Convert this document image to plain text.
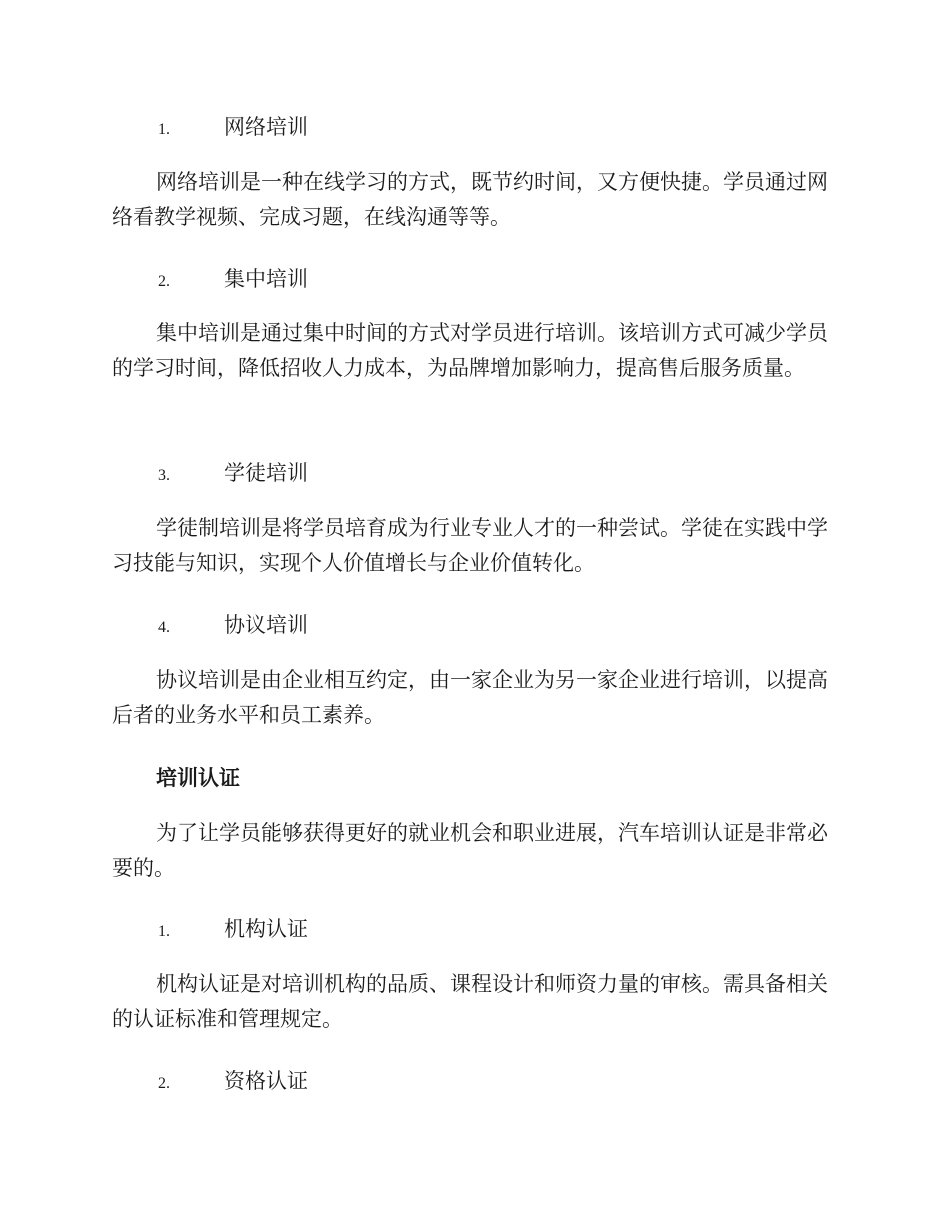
1.	网络培训

网络培训是一种在线学习的方式，既节约时间，又方便快捷。学员通过网络看教学视频、完成习题，在线沟通等等。

2.	集中培训

集中培训是通过集中时间的方式对学员进行培训。该培训方式可减少学员的学习时间，降低招收人力成本，为品牌增加影响力，提高售后服务质量。

3.	学徒培训

学徒制培训是将学员培育成为行业专业人才的一种尝试。学徒在实践中学习技能与知识，实现个人价值增长与企业价值转化。

4.	协议培训

协议培训是由企业相互约定，由一家企业为另一家企业进行培训，以提高后者的业务水平和员工素养。

培训认证

为了让学员能够获得更好的就业机会和职业进展，汽车培训认证是非常必要的。

1.	机构认证

机构认证是对培训机构的品质、课程设计和师资力量的审核。需具备相关的认证标准和管理规定。

2.	资格认证
